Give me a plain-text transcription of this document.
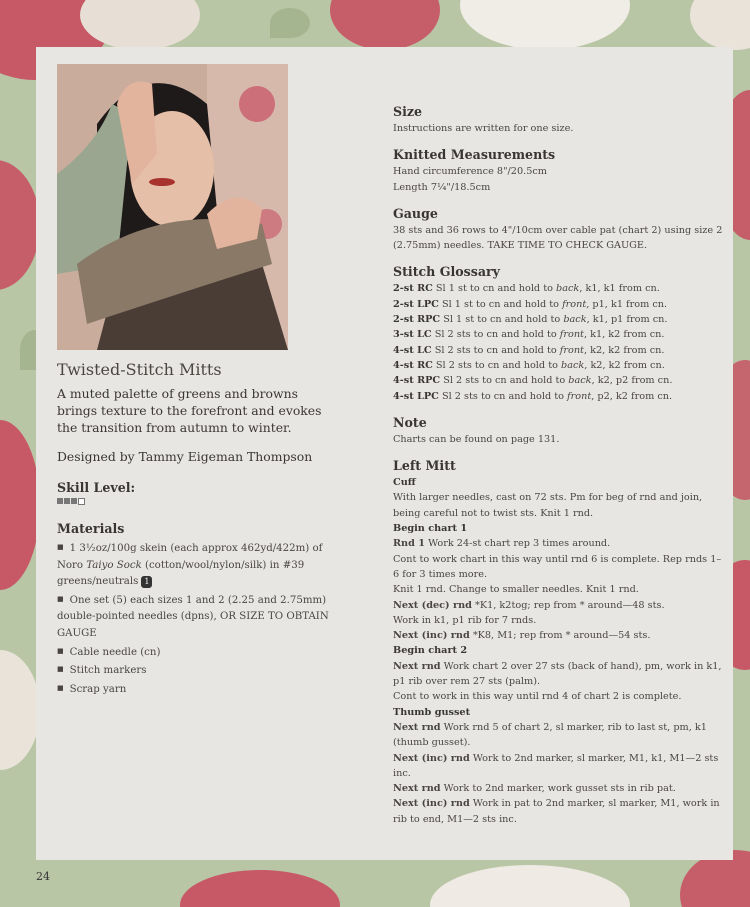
Twisted-Stitch Mitts

A muted palette of greens and browns brings texture to the forefront and evokes the transition from autumn to winter.

Designed by Tammy Eigeman Thompson

Skill Level:
Materials
■ 1 3¹⁄₂oz/100g skein (each approx 462yd/422m) of Noro Taiyo Sock (cotton/wool/nylon/silk) in #39 greens/neutrals 1
■ One set (5) each sizes 1 and 2 (2.25 and 2.75mm) double-pointed needles (dpns), OR SIZE TO OBTAIN GAUGE
■ Cable needle (cn)
■ Stitch markers
■ Scrap yarn
Size
Instructions are written for one size.
Knitted Measurements
Hand circumference 8"/20.5cm
Length 7¹⁄₄"/18.5cm
Gauge
38 sts and 36 rows to 4"/10cm over cable pat (chart 2) using size 2 (2.75mm) needles. TAKE TIME TO CHECK GAUGE.
Stitch Glossary
2-st RC Sl 1 st to cn and hold to back, k1, k1 from cn.
2-st LPC Sl 1 st to cn and hold to front, p1, k1 from cn.
2-st RPC Sl 1 st to cn and hold to back, k1, p1 from cn.
3-st LC Sl 2 sts to cn and hold to front, k1, k2 from cn.
4-st LC Sl 2 sts to cn and hold to front, k2, k2 from cn.
4-st RC Sl 2 sts to cn and hold to back, k2, k2 from cn.
4-st RPC Sl 2 sts to cn and hold to back, k2, p2 from cn.
4-st LPC Sl 2 sts to cn and hold to front, p2, k2 from cn.
Note
Charts can be found on page 131.
Left Mitt
Cuff
With larger needles, cast on 72 sts. Pm for beg of rnd and join, being careful not to twist sts. Knit 1 rnd.
Begin chart 1
Rnd 1 Work 24-st chart rep 3 times around.
Cont to work chart in this way until rnd 6 is complete. Rep rnds 1–6 for 3 times more.
Knit 1 rnd. Change to smaller needles. Knit 1 rnd.
Next (dec) rnd *K1, k2tog; rep from * around—48 sts.
Work in k1, p1 rib for 7 rnds.
Next (inc) rnd *K8, M1; rep from * around—54 sts.
Begin chart 2
Next rnd Work chart 2 over 27 sts (back of hand), pm, work in k1, p1 rib over rem 27 sts (palm).
Cont to work in this way until rnd 4 of chart 2 is complete.
Thumb gusset
Next rnd Work rnd 5 of chart 2, sl marker, rib to last st, pm, k1 (thumb gusset).
Next (inc) rnd Work to 2nd marker, sl marker, M1, k1, M1—2 sts inc.
Next rnd Work to 2nd marker, work gusset sts in rib pat.
Next (inc) rnd Work in pat to 2nd marker, sl marker, M1, work in rib to end, M1—2 sts inc.
24
